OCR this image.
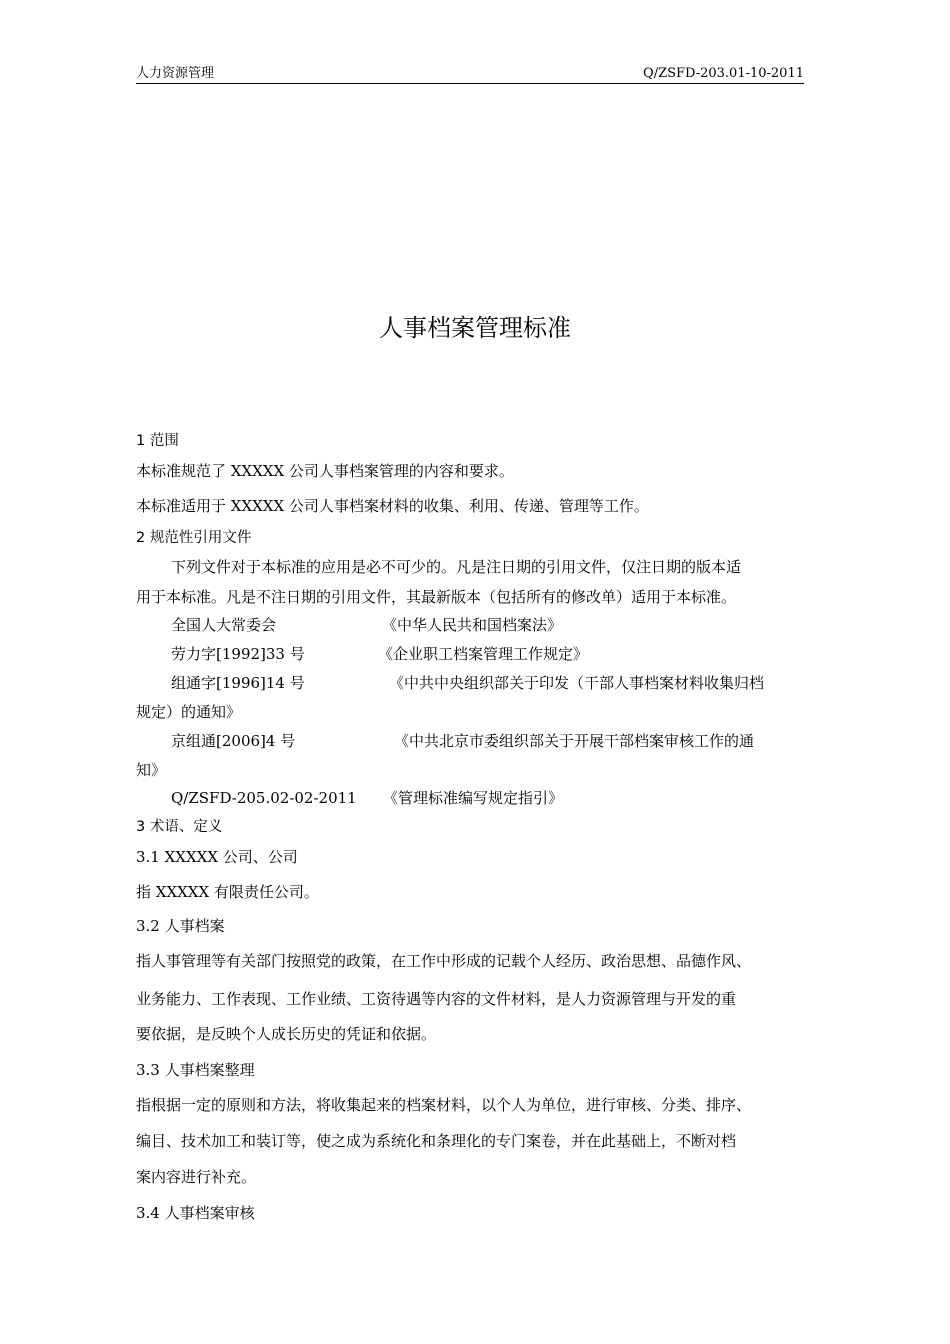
人力资源管理	Q/ZSFD-203.01-10-2011
人事档案管理标准
1 范围
本标准规范了 XXXXX 公司人事档案管理的内容和要求。
本标准适用于 XXXXX 公司人事档案材料的收集、利用、传递、管理等工作。
2 规范性引用文件
下列文件对于本标准的应用是必不可少的。凡是注日期的引用文件，仅注日期的版本适
用于本标准。凡是不注日期的引用文件，其最新版本（包括所有的修改单）适用于本标准。
全国人大常委会	《中华人民共和国档案法》
劳力字[1992]33 号	《企业职工档案管理工作规定》
组通字[1996]14 号	《中共中央组织部关于印发（干部人事档案材料收集归档
规定）的通知》
京组通[2006]4 号	《中共北京市委组织部关于开展干部档案审核工作的通
知》
Q/ZSFD-205.02-02-2011 《管理标准编写规定指引》
3 术语、定义
3.1 XXXXX 公司、公司
指 XXXXX 有限责任公司。
3.2 人事档案
指人事管理等有关部门按照党的政策，在工作中形成的记载个人经历、政治思想、品德作风、
业务能力、工作表现、工作业绩、工资待遇等内容的文件材料，是人力资源管理与开发的重
要依据，是反映个人成长历史的凭证和依据。
3.3 人事档案整理
指根据一定的原则和方法，将收集起来的档案材料，以个人为单位，进行审核、分类、排序、
编目、技术加工和装订等，使之成为系统化和条理化的专门案卷，并在此基础上，不断对档
案内容进行补充。
3.4 人事档案审核
